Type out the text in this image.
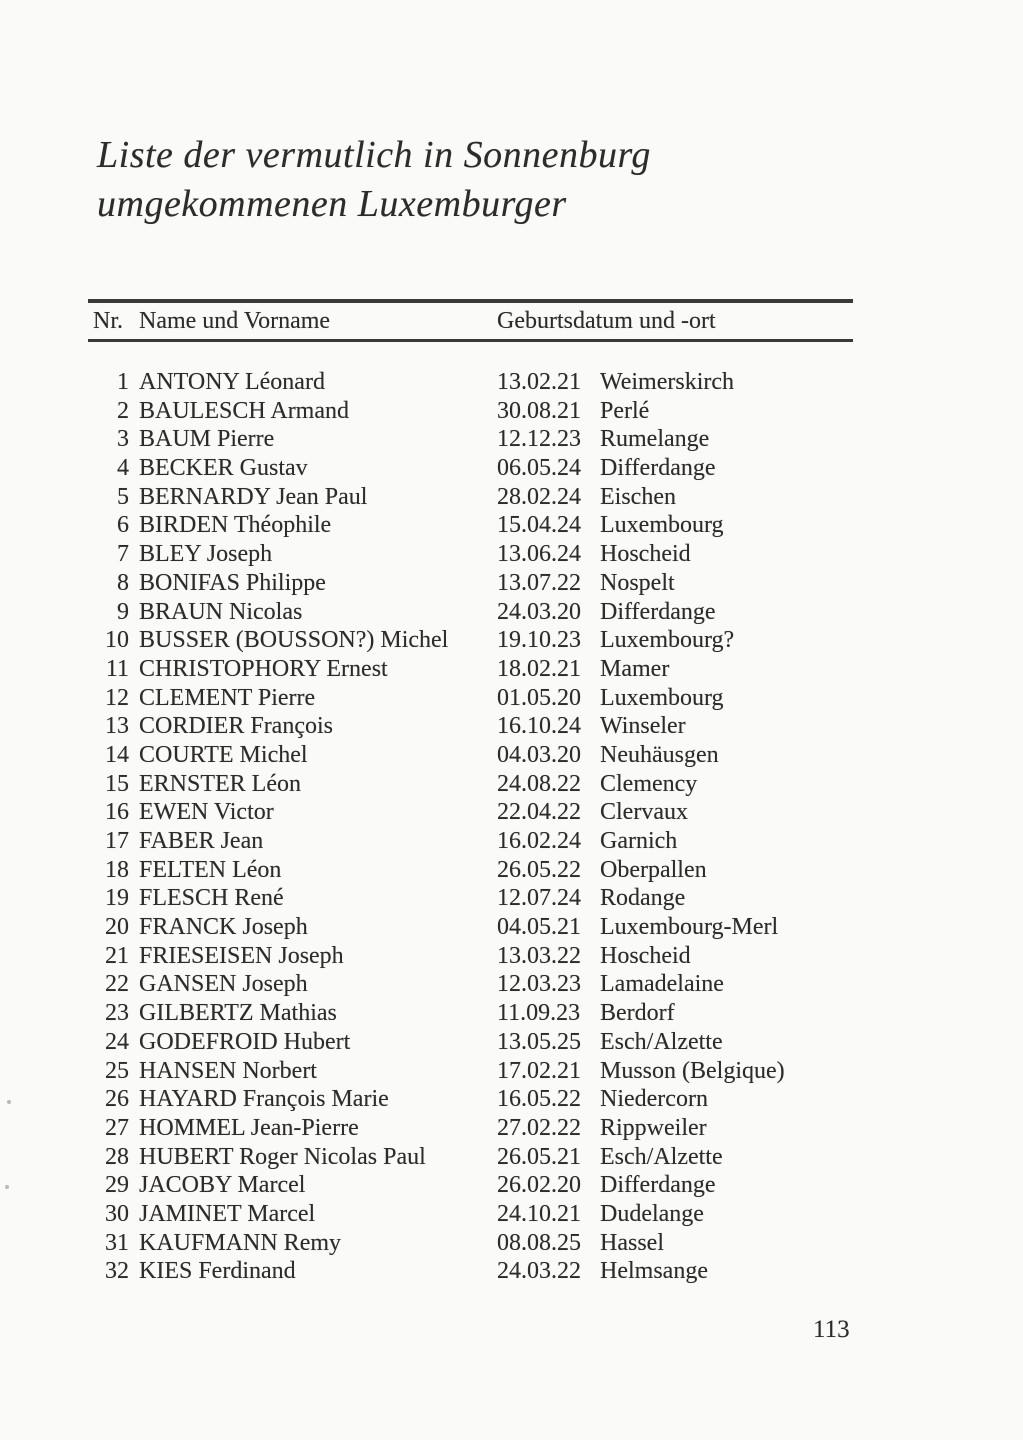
Liste der vermutlich in Sonnenburg
umgekommenen Luxemburger
Nr. Name und Vorname	Geburtsdatum und -ort
1 ANTONY Léonard	13.02.21 Weimerskirch
2 BAULESCH Armand	30.08.21 Perlé
3 BAUM Pierre	12.12.23 Rumelange
4 BECKER Gustav	06.05.24 Differdange
5 BERNARDY Jean Paul	28.02.24 Eischen
6 BIRDEN Théophile	15.04.24 Luxembourg
7 BLEY Joseph	13.06.24 Hoscheid
8 BONIFAS Philippe	13.07.22 Nospelt
9 BRAUN Nicolas	24.03.20 Differdange
10 BUSSER (BOUSSON?) Michel	19.10.23 Luxembourg?
11 CHRISTOPHORY Ernest	18.02.21 Mamer
12 CLEMENT Pierre	01.05.20 Luxembourg
13 CORDIER François	16.10.24 Winseler
14 COURTE Michel	04.03.20 Neuhäusgen
15 ERNSTER Léon	24.08.22 Clemency
16 EWEN Victor	22.04.22 Clervaux
17 FABER Jean	16.02.24 Garnich
18 FELTEN Léon	26.05.22 Oberpallen
19 FLESCH René	12.07.24 Rodange
20 FRANCK Joseph	04.05.21 Luxembourg-Merl
21 FRIESEISEN Joseph	13.03.22 Hoscheid
22 GANSEN Joseph	12.03.23 Lamadelaine
23 GILBERTZ Mathias	11.09.23 Berdorf
24 GODEFROID Hubert	13.05.25 Esch/Alzette
25 HANSEN Norbert	17.02.21 Musson (Belgique)
26 HAYARD François Marie	16.05.22 Niedercorn
27 HOMMEL Jean-Pierre	27.02.22 Rippweiler
28 HUBERT Roger Nicolas Paul	26.05.21 Esch/Alzette
29 JACOBY Marcel	26.02.20 Differdange
30 JAMINET Marcel	24.10.21 Dudelange
31 KAUFMANN Remy	08.08.25 Hassel
32 KIES Ferdinand	24.03.22 Helmsange
113
